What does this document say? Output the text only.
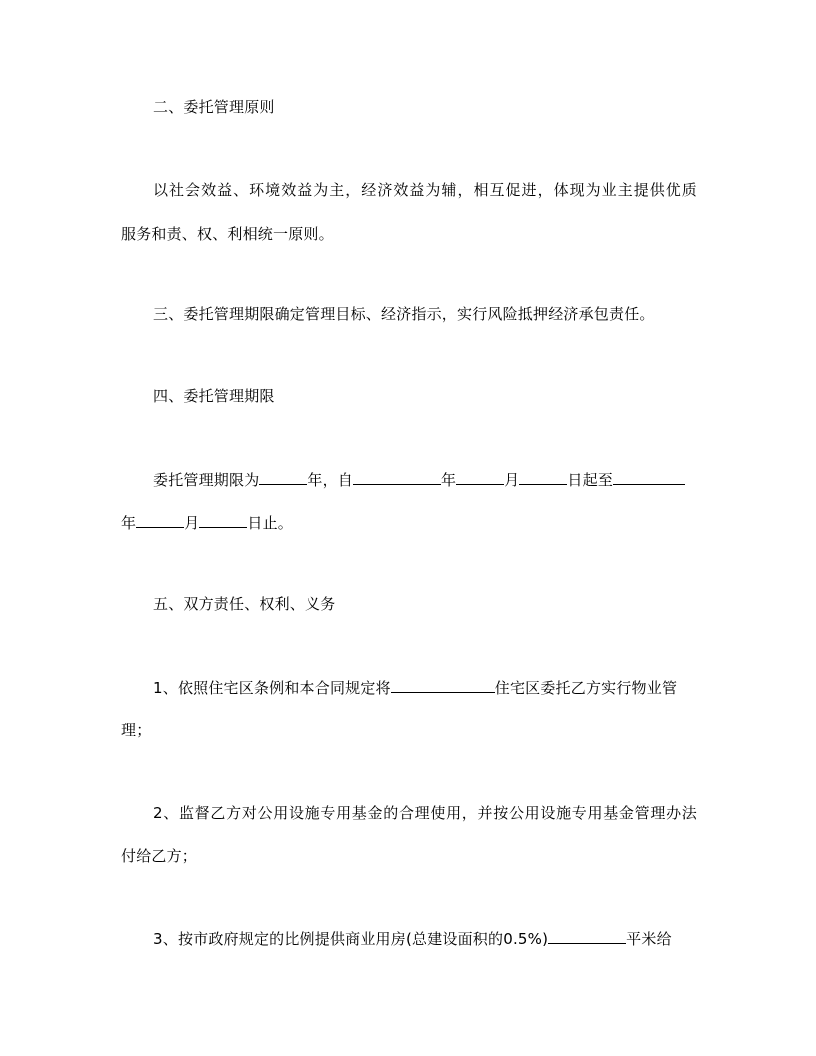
二、委托管理原则
以社会效益、环境效益为主，经济效益为辅，相互促进，体现为业主提供优质
服务和责、权、利相统一原则。
三、委托管理期限确定管理目标、经济指示，实行风险抵押经济承包责任。
四、委托管理期限
委托管理期限为	年，自	年	月	日起至
年	月	日止。
五、双方责任、权利、义务
1、依照住宅区条例和本合同规定将	住宅区委托乙方实行物业管
理；
2、监督乙方对公用设施专用基金的合理使用，并按公用设施专用基金管理办法
付给乙方；
3、按市政府规定的比例提供商业用房(总建设面积的0.5%)	平米给
